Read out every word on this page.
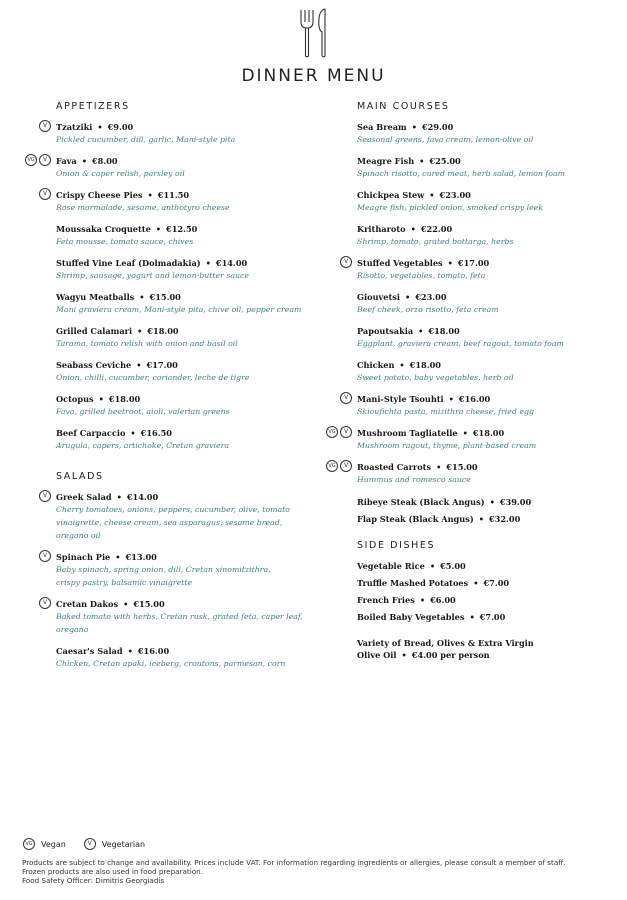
DINNER MENU
APPETIZERS
Tzatziki • €9.00
Pickled cucumber, dill, garlic, Mani-style pita
V
Fava • €8.00
Onion & caper relish, parsley oil
VG	V
Crispy Cheese Pies • €11.50
Rose marmalade, sesame, anthotyro cheese
V
Moussaka Croquette • €12.50
Feta mousse, tomato sauce, chives
Stuffed Vine Leaf (Dolmadakia) • €14.00
Shrimp, sausage, yogurt and lemon-butter sauce
Wagyu Meatballs • €15.00
Mani graviera cream, Mani-style pita, chive oil, pepper cream
Grilled Calamari • €18.00
Tarama, tomato relish with onion and basil oil
Seabass Ceviche • €17.00
Onion, chilli, cucumber, coriander, leche de tigre
Octopus • €18.00
Fava, grilled beetroot, aioli, valerian greens
Beef Carpaccio • €16.50
Arugula, capers, artichoke, Cretan graviera
SALADS
Greek Salad • €14.00
Cherry tomatoes, onions, peppers, cucumber, olive, tomato
vinaigrette, cheese cream, sea asparagus, sesame bread,
oregano oil
V
Spinach Pie • €13.00
Baby spinach, spring onion, dill, Cretan xinomitzithra,
crispy pastry, balsamic vinaigrette
V
Cretan Dakos • €15.00
Baked tomato with herbs, Cretan rusk, grated feta, caper leaf,
oregano
V
Caesar's Salad • €16.00
Chicken, Cretan apaki, iceberg, croutons, parmesan, corn
MAIN COURSES
Sea Bream • €29.00
Seasonal greens, fava cream, lemon-olive oil
Meagre Fish • €25.00
Spinach risotto, cured meat, herb salad, lemon foam
Chickpea Stew • €23.00
Meagre fish, pickled onion, smoked crispy leek
Kritharoto • €22.00
Shrimp, tomato, grated bottarga, herbs
Stuffed Vegetables • €17.00
Risotto, vegetables, tomato, feta
V
Giouvetsi • €23.00
Beef cheek, orzo risotto, feta cream
Papoutsakia • €18.00
Eggplant, graviera cream, beef ragout, tomato foam
Chicken • €18.00
Sweet potato, baby vegetables, herb oil
Mani-Style Tsouhti • €16.00
Skioufichta pasta, mizithra cheese, fried egg
V
Mushroom Tagliatelle • €18.00
Mushroom ragout, thyme, plant-based cream
VG	V
Roasted Carrots • €15.00
Hummus and romesco sauce
VG	V
Ribeye Steak (Black Angus) • €39.00
Flap Steak (Black Angus) • €32.00
SIDE DISHES
Vegetable Rice • €5.00
Truffle Mashed Potatoes • €7.00
French Fries • €6.00
Boiled Baby Vegetables • €7.00
Variety of Bread, Olives & Extra Virgin
Olive Oil • €4.00 per person
VG Vegan	V	Vegetarian
Products are subject to change and availability. Prices include VAT. For information regarding ingredients or allergies, please consult a member of staff.
Frozen products are also used in food preparation.
Food Safety Officer: Dimitris Georgiadis
